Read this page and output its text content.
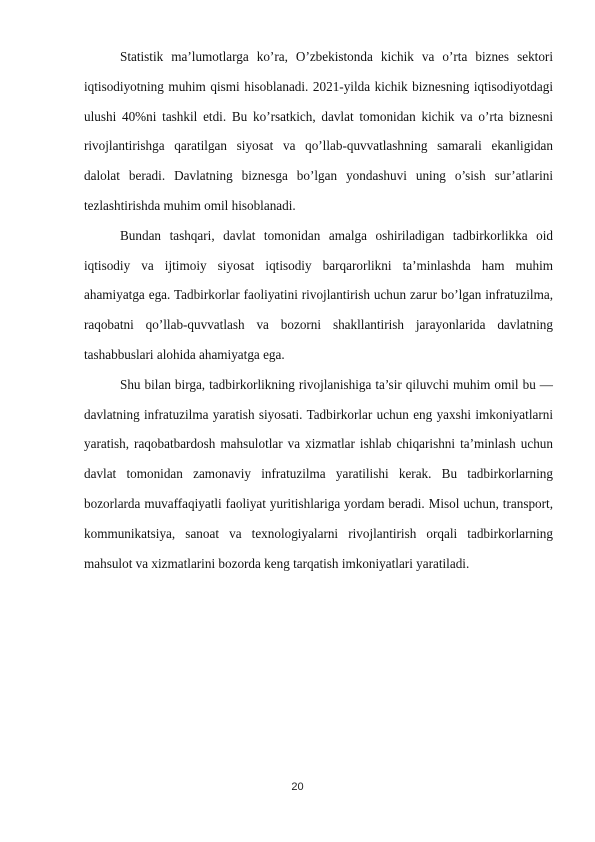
Statistik ma’lumotlarga ko’ra, O’zbekistonda kichik va o’rta biznes sektori iqtisodiyotning muhim qismi hisoblanadi. 2021-yilda kichik biznesning iqtisodiyotdagi ulushi 40%ni tashkil etdi. Bu ko’rsatkich, davlat tomonidan kichik va o’rta biznesni rivojlantirishga qaratilgan siyosat va qo’llab-quvvatlashning samarali ekanligidan dalolat beradi. Davlatning biznesga bo’lgan yondashuvi uning o’sish sur’atlarini tezlashtirishda muhim omil hisoblanadi.

Bundan tashqari, davlat tomonidan amalga oshiriladigan tadbirkorlikka oid iqtisodiy va ijtimoiy siyosat iqtisodiy barqarorlikni ta’minlashda ham muhim ahamiyatga ega. Tadbirkorlar faoliyatini rivojlantirish uchun zarur bo’lgan infratuzilma, raqobatni qo’llab-quvvatlash va bozorni shakllantirish jarayonlarida davlatning tashabbuslari alohida ahamiyatga ega.

Shu bilan birga, tadbirkorlikning rivojlanishiga ta’sir qiluvchi muhim omil bu — davlatning infratuzilma yaratish siyosati. Tadbirkorlar uchun eng yaxshi imkoniyatlarni yaratish, raqobatbardosh mahsulotlar va xizmatlar ishlab chiqarishni ta’minlash uchun davlat tomonidan zamonaviy infratuzilma yaratilishi kerak. Bu tadbirkorlarning bozorlarda muvaffaqiyatli faoliyat yuritishlariga yordam beradi. Misol uchun, transport, kommunikatsiya, sanoat va texnologiyalarni rivojlantirish orqali tadbirkorlarning mahsulot va xizmatlarini bozorda keng tarqatish imkoniyatlari yaratiladi.

20
